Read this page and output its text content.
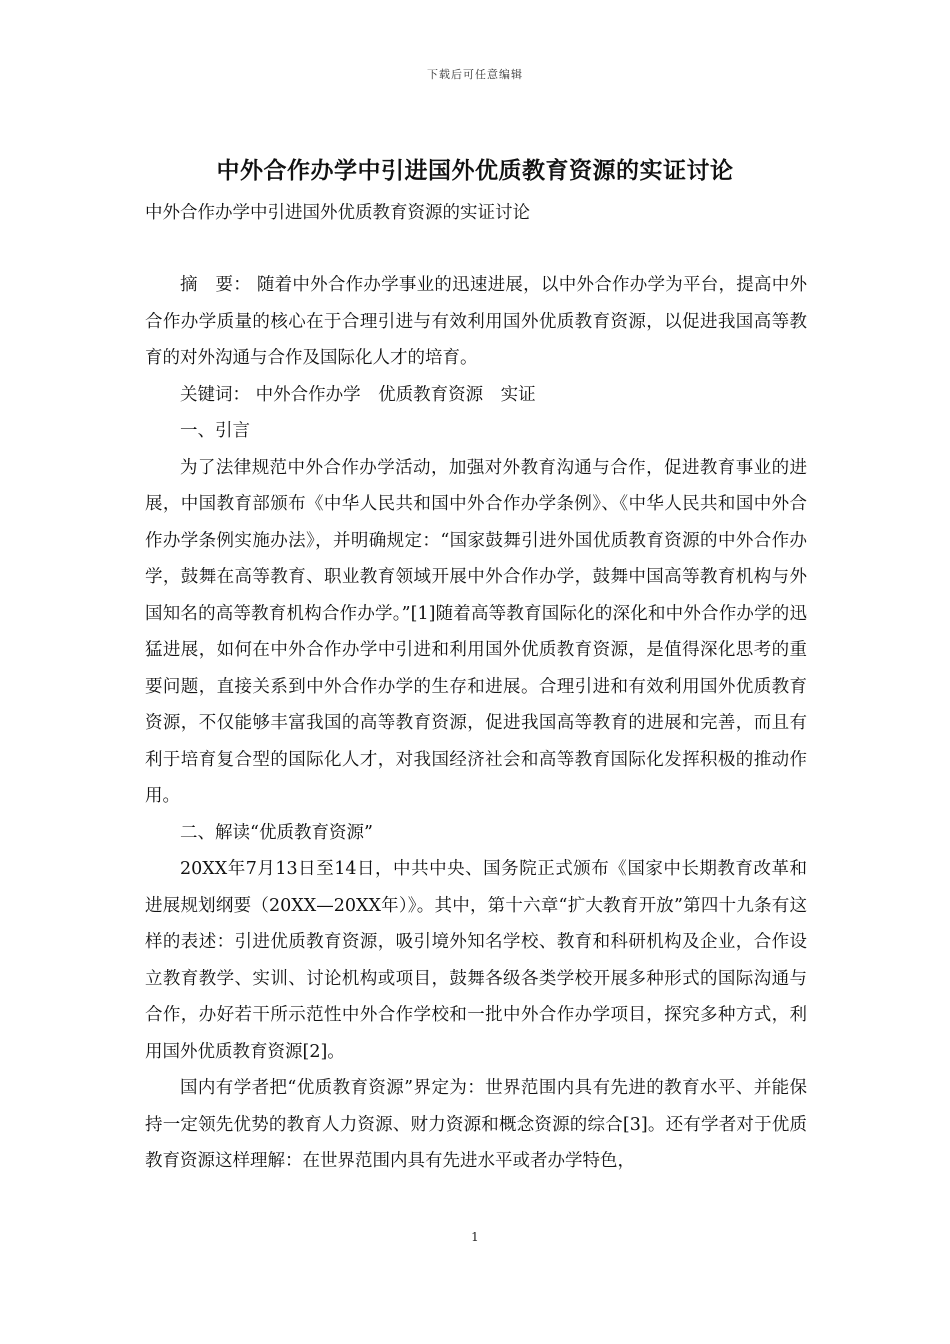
下载后可任意编辑
中外合作办学中引进国外优质教育资源的实证讨论
中外合作办学中引进国外优质教育资源的实证讨论

摘　要： 随着中外合作办学事业的迅速进展，以中外合作办学为平台，提高中外合作办学质量的核心在于合理引进与有效利用国外优质教育资源，以促进我国高等教育的对外沟通与合作及国际化人才的培育。

关键词： 中外合作办学　优质教育资源　实证

一、引言

为了法律规范中外合作办学活动，加强对外教育沟通与合作，促进教育事业的进展，中国教育部颁布《中华人民共和国中外合作办学条例》、《中华人民共和国中外合作办学条例实施办法》，并明确规定：“国家鼓舞引进外国优质教育资源的中外合作办学，鼓舞在高等教育、职业教育领域开展中外合作办学，鼓舞中国高等教育机构与外国知名的高等教育机构合作办学。”[1]随着高等教育国际化的深化和中外合作办学的迅猛进展，如何在中外合作办学中引进和利用国外优质教育资源，是值得深化思考的重要问题，直接关系到中外合作办学的生存和进展。合理引进和有效利用国外优质教育资源，不仅能够丰富我国的高等教育资源，促进我国高等教育的进展和完善，而且有利于培育复合型的国际化人才，对我国经济社会和高等教育国际化发挥积极的推动作用。

二、解读“优质教育资源”

20XX年7月13日至14日，中共中央、国务院正式颁布《国家中长期教育改革和进展规划纲要（20XX—20XX年）》。其中，第十六章“扩大教育开放”第四十九条有这样的表述：引进优质教育资源，吸引境外知名学校、教育和科研机构及企业，合作设立教育教学、实训、讨论机构或项目，鼓舞各级各类学校开展多种形式的国际沟通与合作，办好若干所示范性中外合作学校和一批中外合作办学项目，探究多种方式，利用国外优质教育资源[2]。

国内有学者把“优质教育资源”界定为：世界范围内具有先进的教育水平、并能保持一定领先优势的教育人力资源、财力资源和概念资源的综合[3]。还有学者对于优质教育资源这样理解：在世界范围内具有先进水平或者办学特色，

1
